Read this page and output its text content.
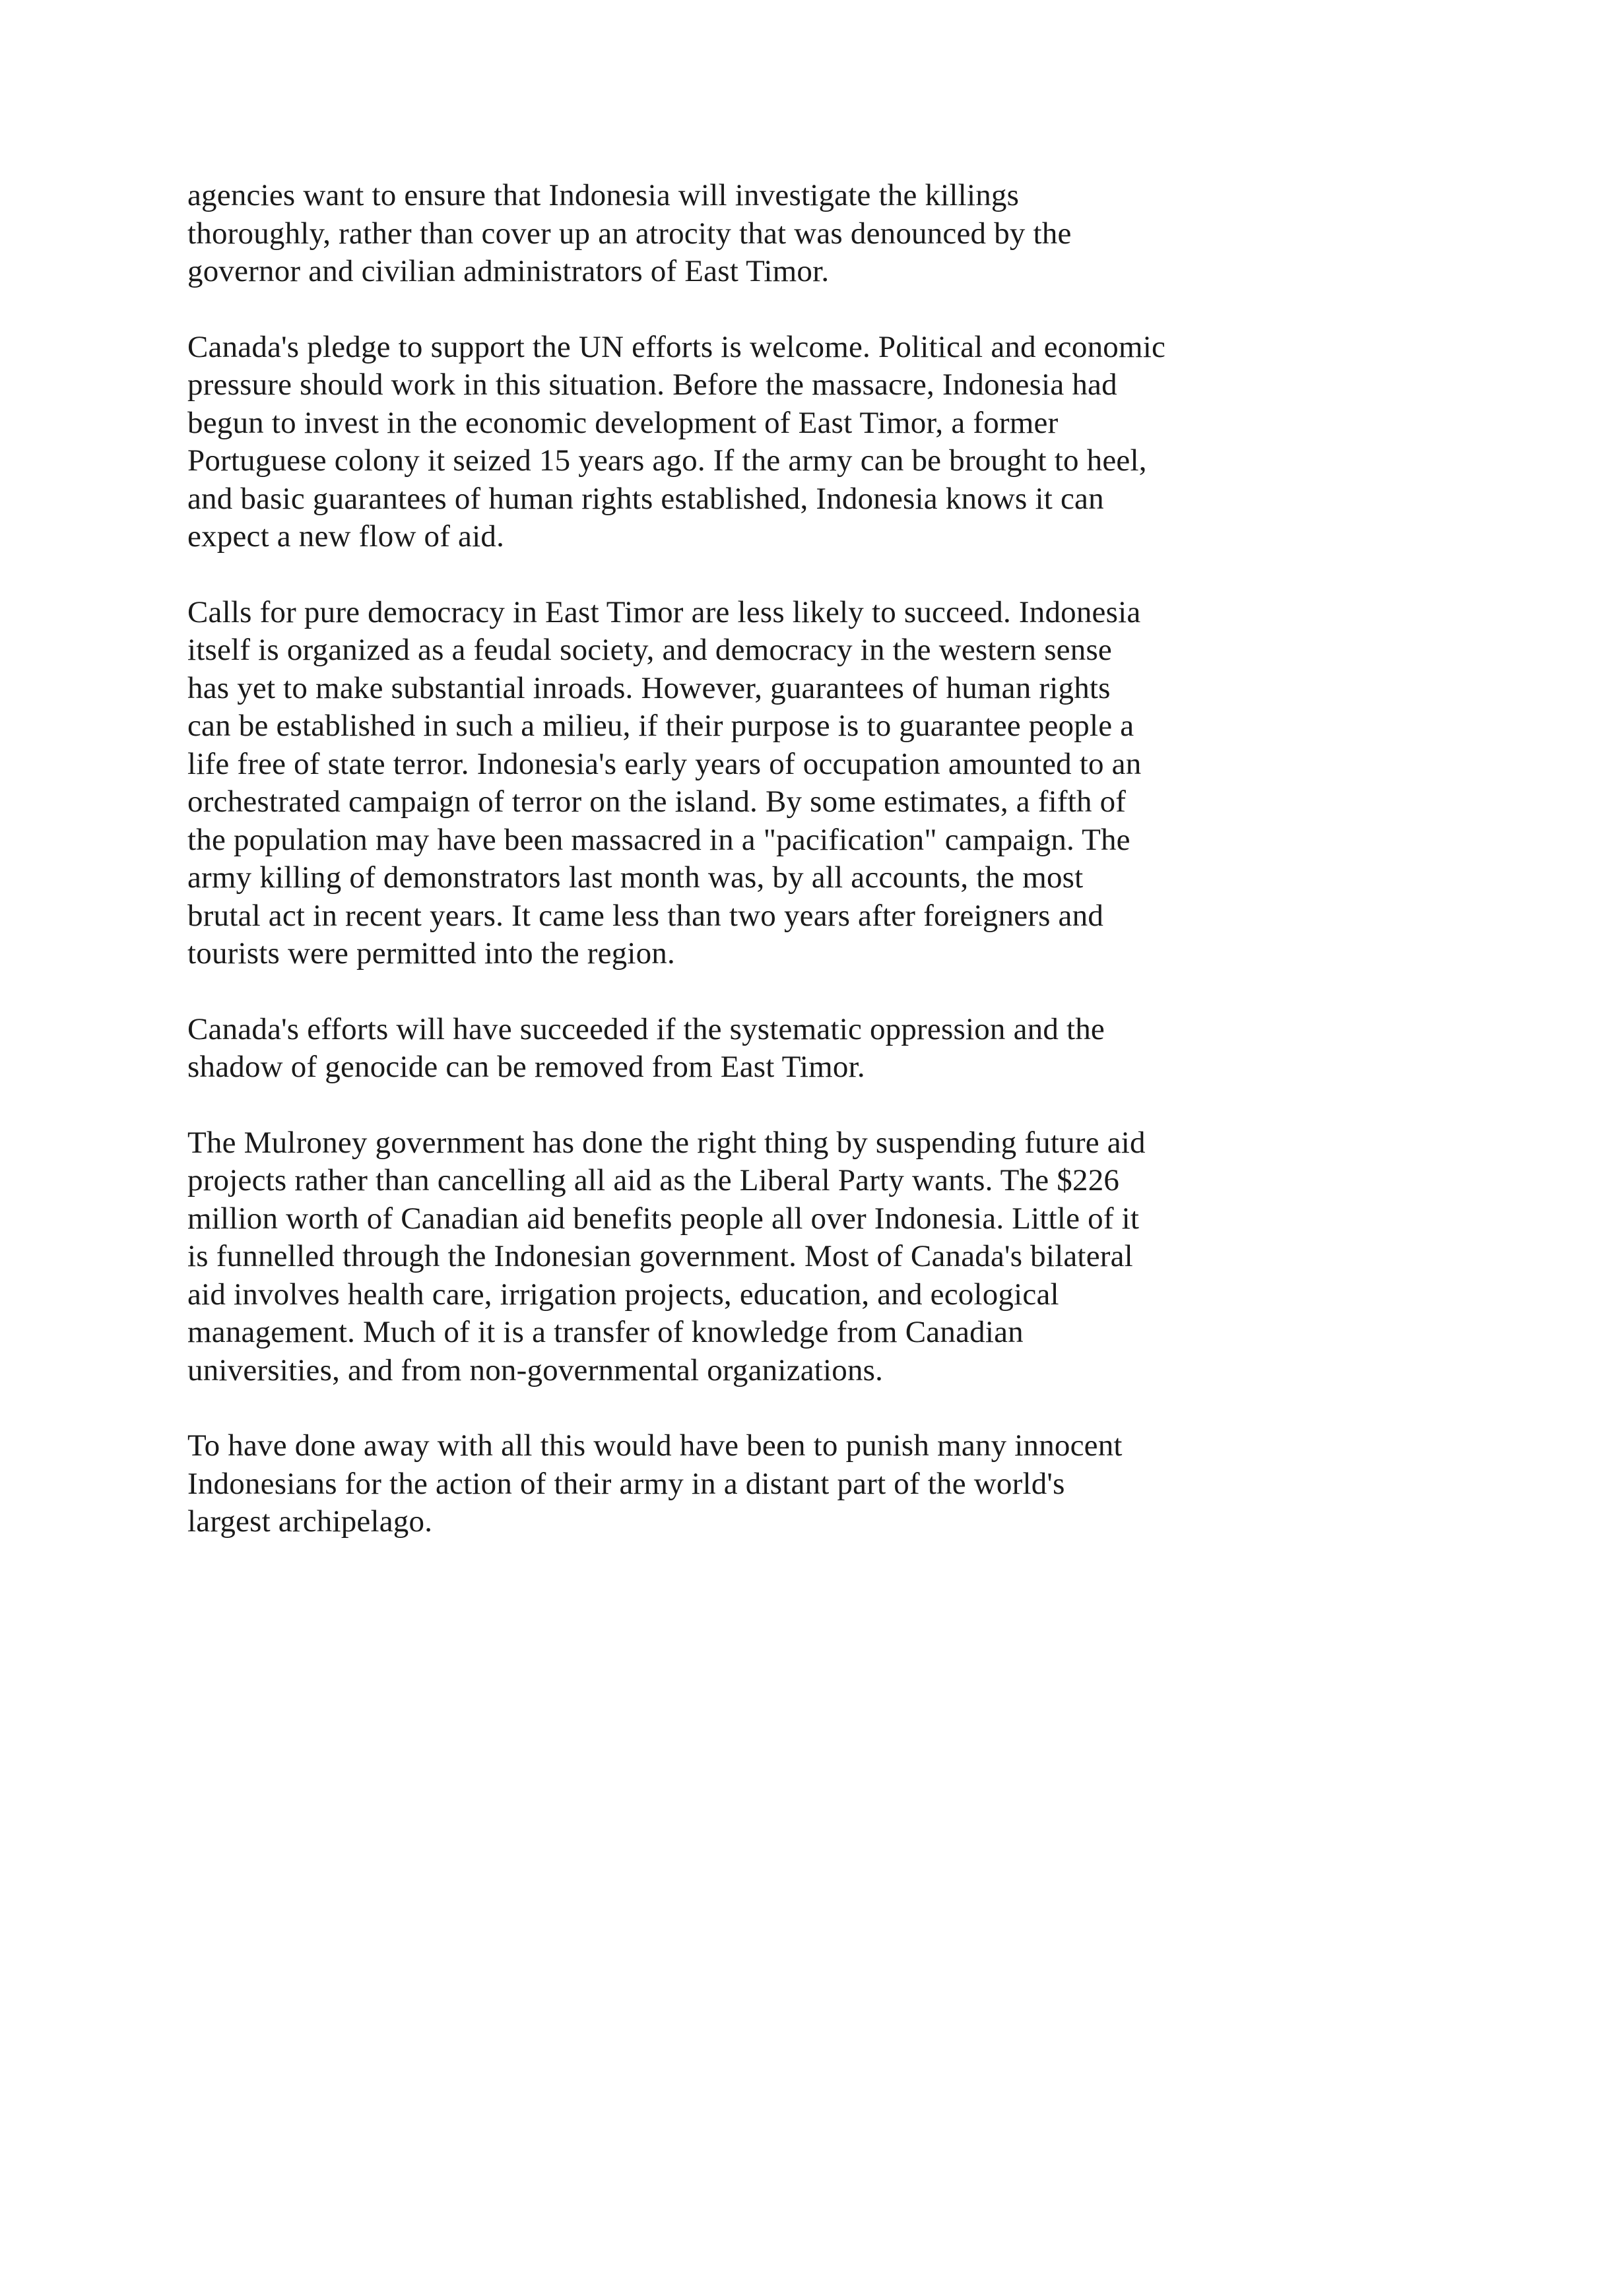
agencies want to ensure that Indonesia will investigate the killings
thoroughly, rather than cover up an atrocity that was denounced by the
governor and civilian administrators of East Timor.

Canada's pledge to support the UN efforts is welcome. Political and economic
pressure should work in this situation. Before the massacre, Indonesia had
begun to invest in the economic development of East Timor, a former
Portuguese colony it seized 15 years ago. If the army can be brought to heel,
and basic guarantees of human rights established, Indonesia knows it can
expect a new flow of aid.

Calls for pure democracy in East Timor are less likely to succeed. Indonesia
itself is organized as a feudal society, and democracy in the western sense
has yet to make substantial inroads. However, guarantees of human rights
can be established in such a milieu, if their purpose is to guarantee people a
life free of state terror. Indonesia's early years of occupation amounted to an
orchestrated campaign of terror on the island. By some estimates, a fifth of
the population may have been massacred in a "pacification" campaign. The
army killing of demonstrators last month was, by all accounts, the most
brutal act in recent years. It came less than two years after foreigners and
tourists were permitted into the region.

Canada's efforts will have succeeded if the systematic oppression and the
shadow of genocide can be removed from East Timor.

The Mulroney government has done the right thing by suspending future aid
projects rather than cancelling all aid as the Liberal Party wants. The $226
million worth of Canadian aid benefits people all over Indonesia. Little of it
is funnelled through the Indonesian government. Most of Canada's bilateral
aid involves health care, irrigation projects, education, and ecological
management. Much of it is a transfer of knowledge from Canadian
universities, and from non-governmental organizations.

To have done away with all this would have been to punish many innocent
Indonesians for the action of their army in a distant part of the world's
largest archipelago.
